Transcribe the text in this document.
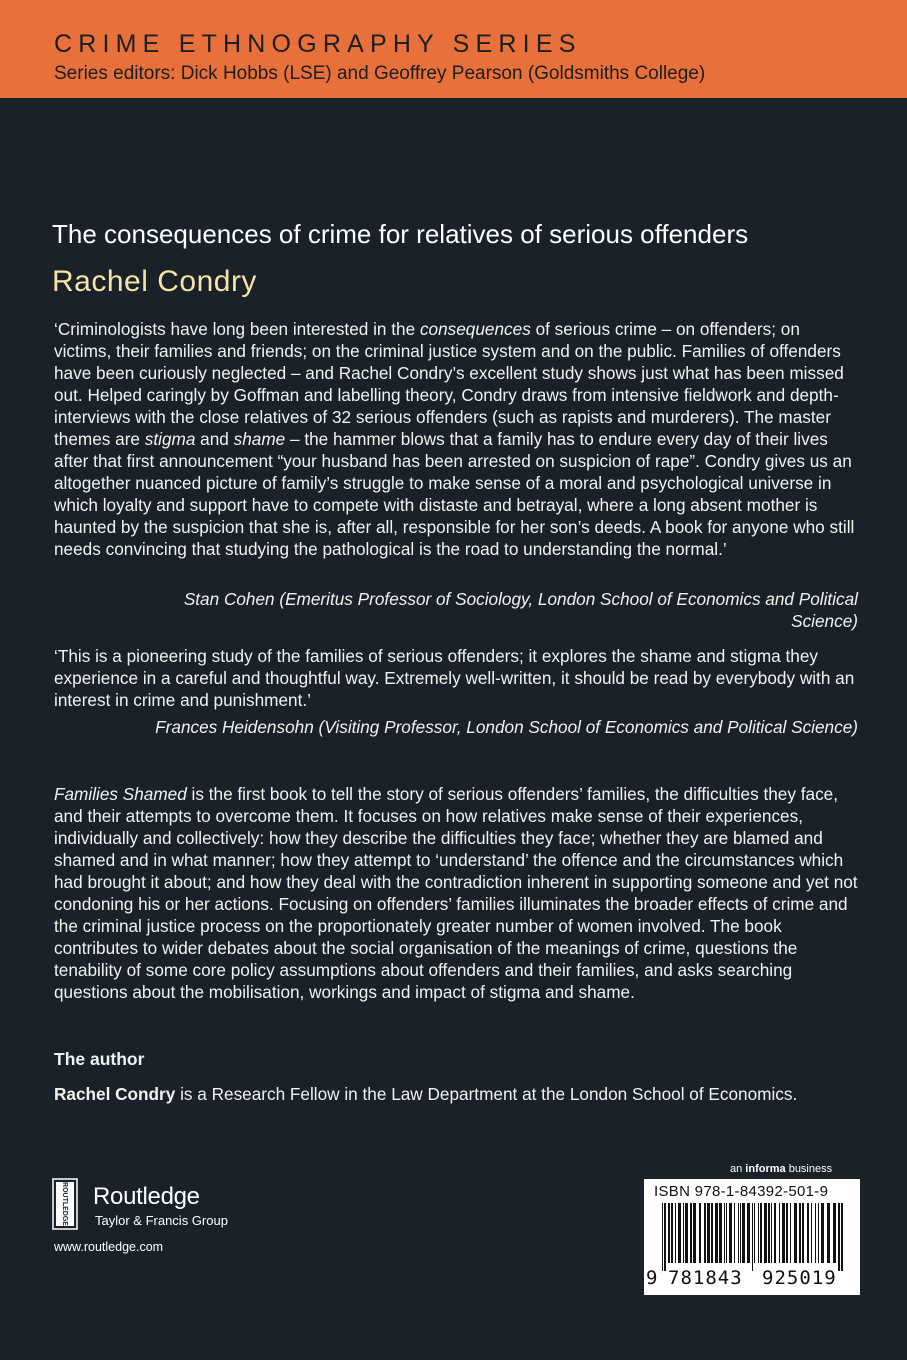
CRIME ETHNOGRAPHY SERIES
Series editors: Dick Hobbs (LSE) and Geoffrey Pearson (Goldsmiths College)
The consequences of crime for relatives of serious offenders
Rachel Condry

‘Criminologists have long been interested in the consequences of serious crime – on offenders; on victims, their families and friends; on the criminal justice system and on the public. Families of offenders have been curiously neglected – and Rachel Condry’s excellent study shows just what has been missed out. Helped caringly by Goffman and labelling theory, Condry draws from intensive fieldwork and depth-interviews with the close relatives of 32 serious offenders (such as rapists and murderers). The master themes are stigma and shame – the hammer blows that a family has to endure every day of their lives after that first announcement “your husband has been arrested on suspicion of rape”. Condry gives us an altogether nuanced picture of family’s struggle to make sense of a moral and psychological universe in which loyalty and support have to compete with distaste and betrayal, where a long absent mother is haunted by the suspicion that she is, after all, responsible for her son’s deeds. A book for anyone who still needs convincing that studying the pathological is the road to understanding the normal.’

Stan Cohen (Emeritus Professor of Sociology, London School of Economics and Political Science)

‘This is a pioneering study of the families of serious offenders; it explores the shame and stigma they experience in a careful and thoughtful way. Extremely well-written, it should be read by everybody with an interest in crime and punishment.’

Frances Heidensohn (Visiting Professor, London School of Economics and Political Science)

Families Shamed is the first book to tell the story of serious offenders’ families, the difficulties they face, and their attempts to overcome them. It focuses on how relatives make sense of their experiences, individually and collectively: how they describe the difficulties they face; whether they are blamed and shamed and in what manner; how they attempt to ‘understand’ the offence and the circumstances which had brought it about; and how they deal with the contradiction inherent in supporting someone and yet not condoning his or her actions. Focusing on offenders’ families illuminates the broader effects of crime and the criminal justice process on the proportionately greater number of women involved. The book contributes to wider debates about the social organisation of the meanings of crime, questions the tenability of some core policy assumptions about offenders and their families, and asks searching questions about the mobilisation, workings and impact of stigma and shame.

The author
Rachel Condry is a Research Fellow in the Law Department at the London School of Economics.
ROUTLEDGE Routledge
Taylor & Francis Group
www.routledge.com
an informa business
ISBN 978-1-84392-501-9
9 781843 925019
